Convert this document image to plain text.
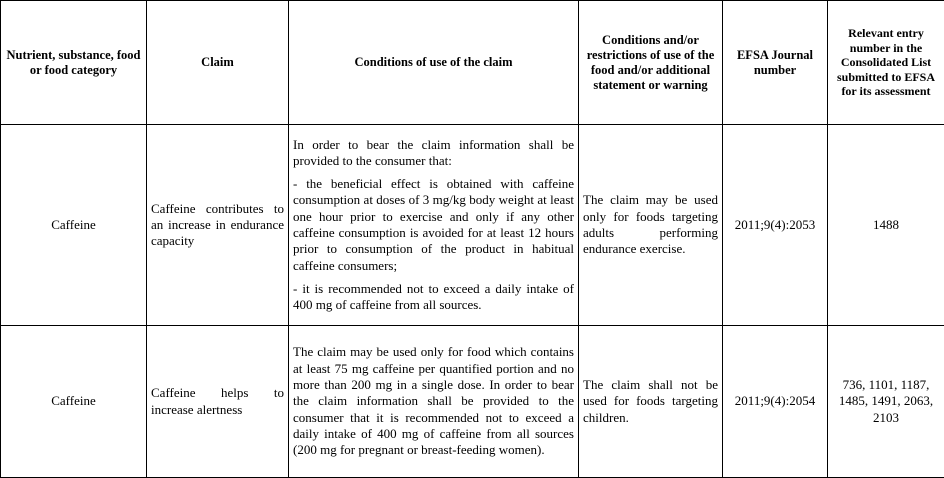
Nutrient, substance, food or food category	Claim	Conditions of use of the claim	Conditions and/or restrictions of use of the food and/or additional statement or warning	EFSA Journal number	Relevant entry number in the Consolidated List submitted to EFSA for its assessment
Caffeine	Caffeine contributes to an increase in endurance capacity	In order to bear the claim information shall be provided to the consumer that:
- the beneficial effect is obtained with caffeine consumption at doses of 3 mg/kg body weight at least one hour prior to exercise and only if any other caffeine consumption is avoided for at least 12 hours prior to consumption of the product in habitual caffeine consumers;
- it is recommended not to exceed a daily intake of 400 mg of caffeine from all sources.	The claim may be used only for foods targeting adults performing endurance exercise.	2011;9(4):2053	1488
Caffeine	Caffeine helps to increase alertness	The claim may be used only for food which contains at least 75 mg caffeine per quantified portion and no more than 200 mg in a single dose. In order to bear the claim information shall be provided to the consumer that it is recommended not to exceed a daily intake of 400 mg of caffeine from all sources (200 mg for pregnant or breast-feeding women).	The claim shall not be used for foods targeting children.	2011;9(4):2054	736, 1101, 1187, 1485, 1491, 2063, 2103
